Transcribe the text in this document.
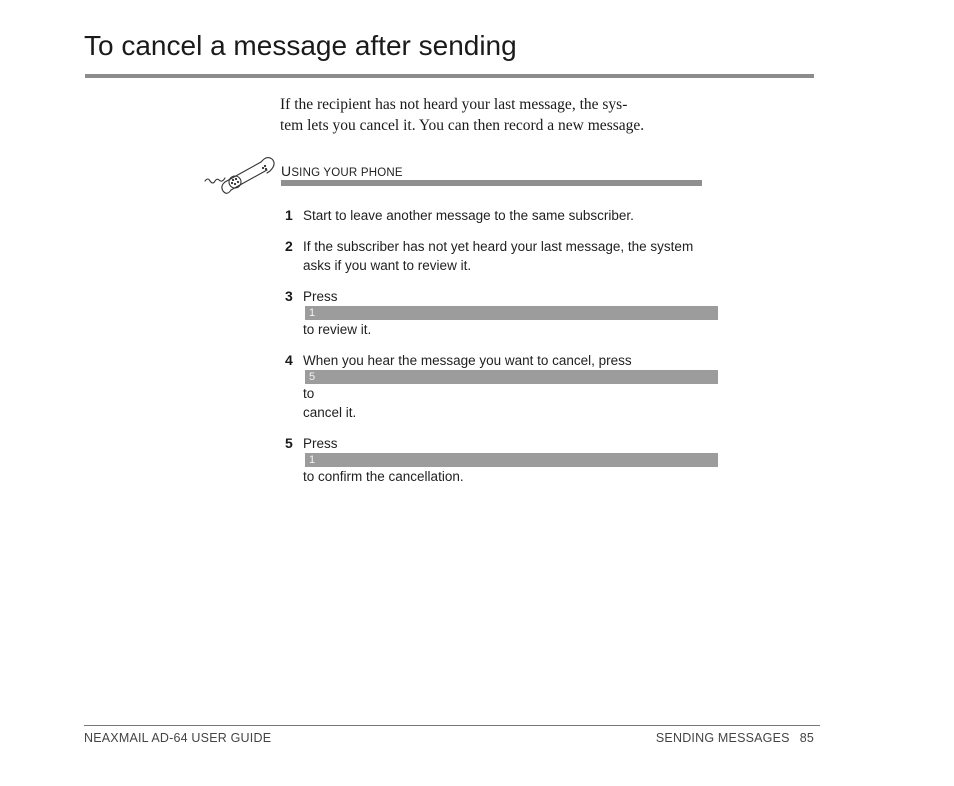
To cancel a message after sending

If the recipient has not heard your last message, the sys-
tem lets you cancel it. You can then record a new message.

USING YOUR PHONE
1 Start to leave another message to the same subscriber.
2 If the subscriber has not yet heard your last message, the system
asks if you want to review it.
3 Press
1
to review it.
4 When you hear the message you want to cancel, press
5
to
cancel it.
5 Press
1
to confirm the cancellation.
NEAXMAIL AD-64 USER GUIDE	SENDING MESSAGES 85
